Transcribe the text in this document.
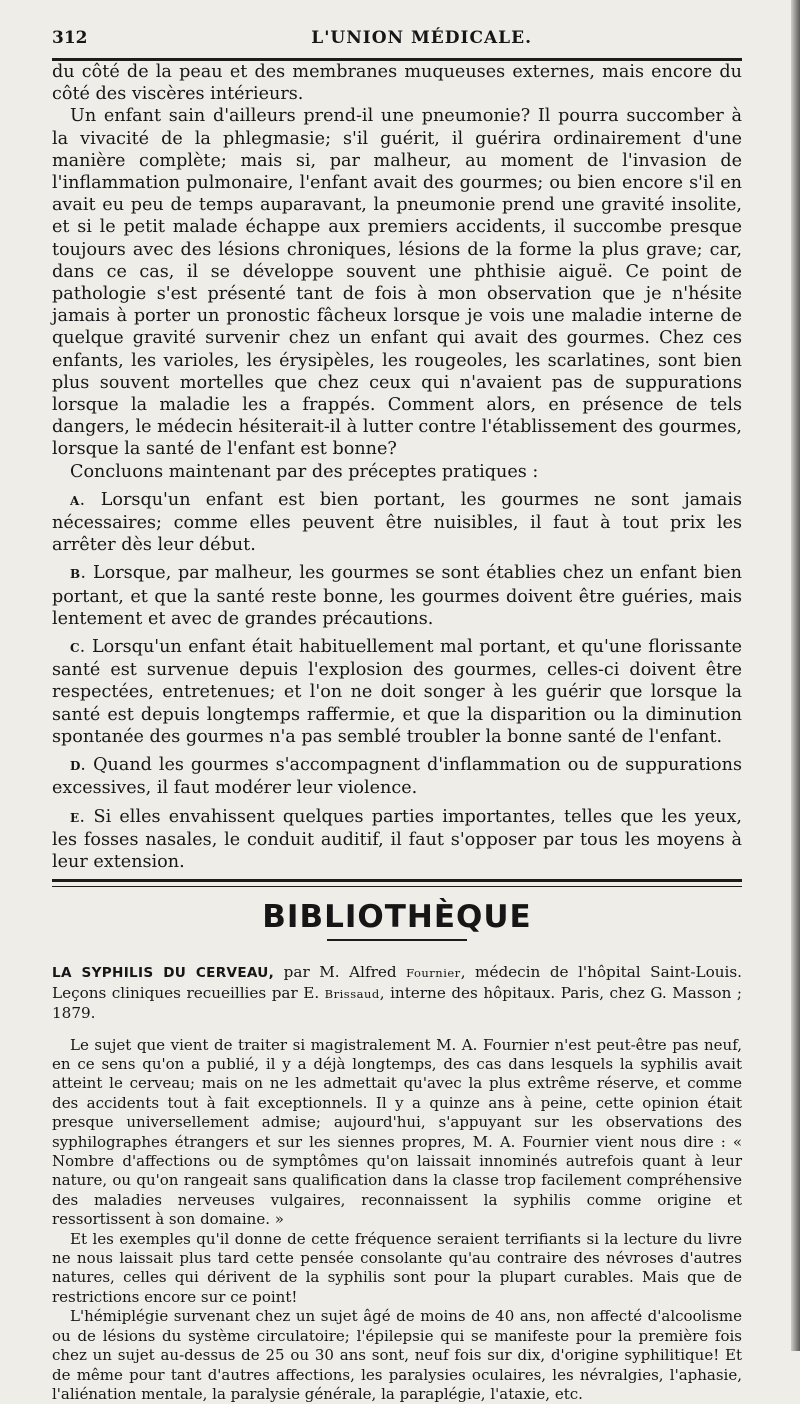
312	L'UNION MÉDICALE.

du côté de la peau et des membranes muqueuses externes, mais encore du côté des viscères intérieurs.

Un enfant sain d'ailleurs prend-il une pneumonie? Il pourra succomber à la vivacité de la phlegmasie; s'il guérit, il guérira ordinairement d'une manière complète; mais si, par malheur, au moment de l'invasion de l'inflammation pulmonaire, l'enfant avait des gourmes; ou bien encore s'il en avait eu peu de temps auparavant, la pneumonie prend une gravité insolite, et si le petit malade échappe aux premiers accidents, il succombe presque toujours avec des lésions chroniques, lésions de la forme la plus grave; car, dans ce cas, il se développe souvent une phthisie aiguë. Ce point de pathologie s'est présenté tant de fois à mon observation que je n'hésite jamais à porter un pronostic fâcheux lorsque je vois une maladie interne de quelque gravité survenir chez un enfant qui avait des gourmes. Chez ces enfants, les varioles, les érysipèles, les rougeoles, les scarlatines, sont bien plus souvent mortelles que chez ceux qui n'avaient pas de suppurations lorsque la maladie les a frappés. Comment alors, en présence de tels dangers, le médecin hésiterait-il à lutter contre l'établissement des gourmes, lorsque la santé de l'enfant est bonne?

Concluons maintenant par des préceptes pratiques :

A. Lorsqu'un enfant est bien portant, les gourmes ne sont jamais nécessaires; comme elles peuvent être nuisibles, il faut à tout prix les arrêter dès leur début.

B. Lorsque, par malheur, les gourmes se sont établies chez un enfant bien portant, et que la santé reste bonne, les gourmes doivent être guéries, mais lentement et avec de grandes précautions.

C. Lorsqu'un enfant était habituellement mal portant, et qu'une florissante santé est survenue depuis l'explosion des gourmes, celles-ci doivent être respectées, entretenues; et l'on ne doit songer à les guérir que lorsque la santé est depuis longtemps raffermie, et que la disparition ou la diminution spontanée des gourmes n'a pas semblé troubler la bonne santé de l'enfant.

D. Quand les gourmes s'accompagnent d'inflammation ou de suppurations excessives, il faut modérer leur violence.

E. Si elles envahissent quelques parties importantes, telles que les yeux, les fosses nasales, le conduit auditif, il faut s'opposer par tous les moyens à leur extension.

BIBLIOTHÈQUE
LA SYPHILIS DU CERVEAU, par M. Alfred Fournier, médecin de l'hôpital Saint-Louis. Leçons cliniques recueillies par E. Brissaud, interne des hôpitaux. Paris, chez G. Masson ; 1879.

Le sujet que vient de traiter si magistralement M. A. Fournier n'est peut-être pas neuf, en ce sens qu'on a publié, il y a déjà longtemps, des cas dans lesquels la syphilis avait atteint le cerveau; mais on ne les admettait qu'avec la plus extrême réserve, et comme des accidents tout à fait exceptionnels. Il y a quinze ans à peine, cette opinion était presque universellement admise; aujourd'hui, s'appuyant sur les observations des syphilographes étrangers et sur les siennes propres, M. A. Fournier vient nous dire : « Nombre d'affections ou de symptômes qu'on laissait innominés autrefois quant à leur nature, ou qu'on rangeait sans qualification dans la classe trop facilement compréhensive des maladies nerveuses vulgaires, reconnaissent la syphilis comme origine et ressortissent à son domaine. »

Et les exemples qu'il donne de cette fréquence seraient terrifiants si la lecture du livre ne nous laissait plus tard cette pensée consolante qu'au contraire des névroses d'autres natures, celles qui dérivent de la syphilis sont pour la plupart curables. Mais que de restrictions encore sur ce point!

L'hémiplégie survenant chez un sujet âgé de moins de 40 ans, non affecté d'alcoolisme ou de lésions du système circulatoire; l'épilepsie qui se manifeste pour la première fois chez un sujet au-dessus de 25 ou 30 ans sont, neuf fois sur dix, d'origine syphilitique! Et de même pour tant d'autres affections, les paralysies oculaires, les névralgies, l'aphasie, l'aliénation mentale, la paralysie générale, la paraplégie, l'ataxie, etc.
